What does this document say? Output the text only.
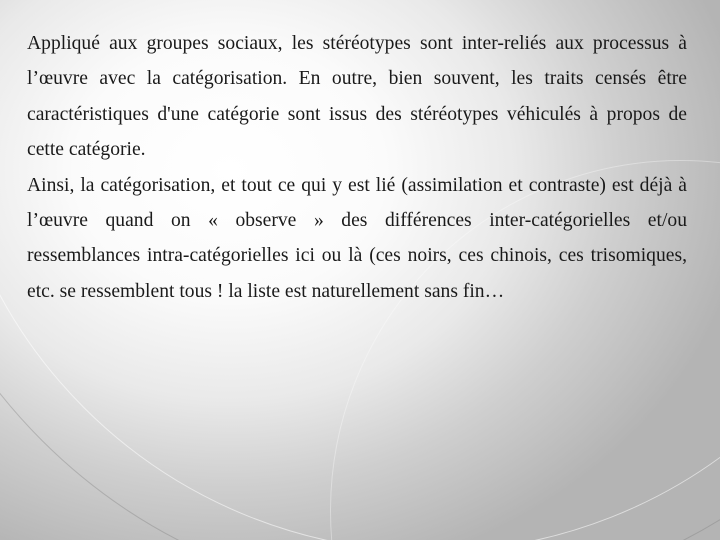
Appliqué aux groupes sociaux, les stéréotypes sont inter-reliés aux processus à l’œuvre avec la catégorisation. En outre, bien souvent, les traits censés être caractéristiques d'une catégorie sont issus des stéréotypes véhiculés à propos de cette catégorie.

Ainsi, la catégorisation, et tout ce qui y est lié (assimilation et contraste) est déjà à l’œuvre quand on « observe » des différences inter-catégorielles et/ou ressemblances intra-catégorielles ici ou là (ces noirs, ces chinois, ces trisomiques, etc. se ressemblent tous ! la liste est naturellement sans fin…
